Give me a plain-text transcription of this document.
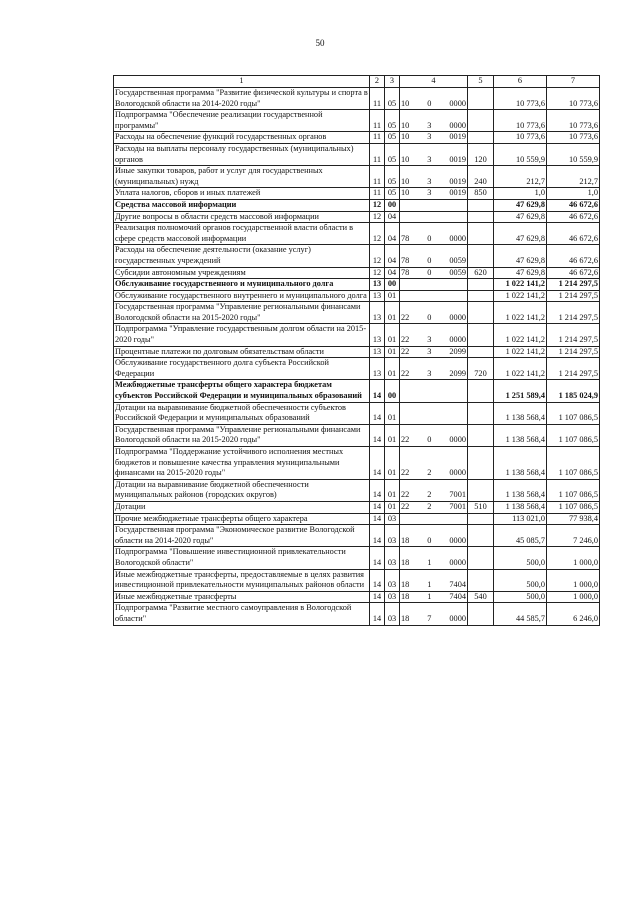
50
1	2	3	4	5	6	7
Государственная программа "Развитие физической культуры и спорта в Вологодской области на 2014-2020 годы"	11	05	10 0 0000		10 773,6	10 773,6
Подпрограмма "Обеспечение реализации государственной программы"	11	05	10 3 0000		10 773,6	10 773,6
Расходы на обеспечение функций государственных органов	11	05	10 3 0019		10 773,6	10 773,6
Расходы на выплаты персоналу государственных (муниципальных) органов	11	05	10 3 0019	120	10 559,9	10 559,9
Иные закупки товаров, работ и услуг для государственных (муниципальных) нужд	11	05	10 3 0019	240	212,7	212,7
Уплата налогов, сборов и иных платежей	11	05	10 3 0019	850	1,0	1,0
Средства массовой информации	12	00			47 629,8	46 672,6
Другие вопросы в области средств массовой информации	12	04			47 629,8	46 672,6
Реализация полномочий органов государственной власти области в сфере средств массовой информации	12	04	78 0 0000		47 629,8	46 672,6
Расходы на обеспечение деятельности (оказание услуг) государственных учреждений	12	04	78 0 0059		47 629,8	46 672,6
Субсидии автономным учреждениям	12	04	78 0 0059	620	47 629,8	46 672,6
Обслуживание государственного и муниципального долга	13	00			1 022 141,2	1 214 297,5
Обслуживание государственного внутреннего и муниципального долга	13	01			1 022 141,2	1 214 297,5
Государственная программа "Управление региональными финансами Вологодской области на 2015-2020 годы"	13	01	22 0 0000		1 022 141,2	1 214 297,5
Подпрограмма "Управление государственным долгом области на 2015-2020 годы"	13	01	22 3 0000		1 022 141,2	1 214 297,5
Процентные платежи по долговым обязательствам области	13	01	22 3 2099		1 022 141,2	1 214 297,5
Обслуживание государственного долга субъекта Российской Федерации	13	01	22 3 2099	720	1 022 141,2	1 214 297,5
Межбюджетные трансферты общего характера бюджетам субъектов Российской Федерации и муниципальных образований	14	00			1 251 589,4	1 185 024,9
Дотации на выравнивание бюджетной обеспеченности субъектов Российской Федерации и муниципальных образований	14	01			1 138 568,4	1 107 086,5
Государственная программа "Управление региональными финансами Вологодской области на 2015-2020 годы"	14	01	22 0 0000		1 138 568,4	1 107 086,5
Подпрограмма "Поддержание устойчивого исполнения местных бюджетов и повышение качества управления муниципальными финансами на 2015-2020 годы"	14	01	22 2 0000		1 138 568,4	1 107 086,5
Дотации на выравнивание бюджетной обеспеченности муниципальных районов (городских округов)	14	01	22 2 7001		1 138 568,4	1 107 086,5
Дотации	14	01	22 2 7001	510	1 138 568,4	1 107 086,5
Прочие межбюджетные трансферты общего характера	14	03			113 021,0	77 938,4
Государственная программа "Экономическое развитие Вологодской области на 2014-2020 годы"	14	03	18 0 0000		45 085,7	7 246,0
Подпрограмма "Повышение инвестиционной привлекательности Вологодской области"	14	03	18 1 0000		500,0	1 000,0
Иные межбюджетные трансферты, предоставляемые в целях развития инвестиционной привлекательности муниципальных районов области	14	03	18 1 7404		500,0	1 000,0
Иные межбюджетные трансферты	14	03	18 1 7404	540	500,0	1 000,0
Подпрограмма "Развитие местного самоуправления в Вологодской области"	14	03	18 7 0000		44 585,7	6 246,0
